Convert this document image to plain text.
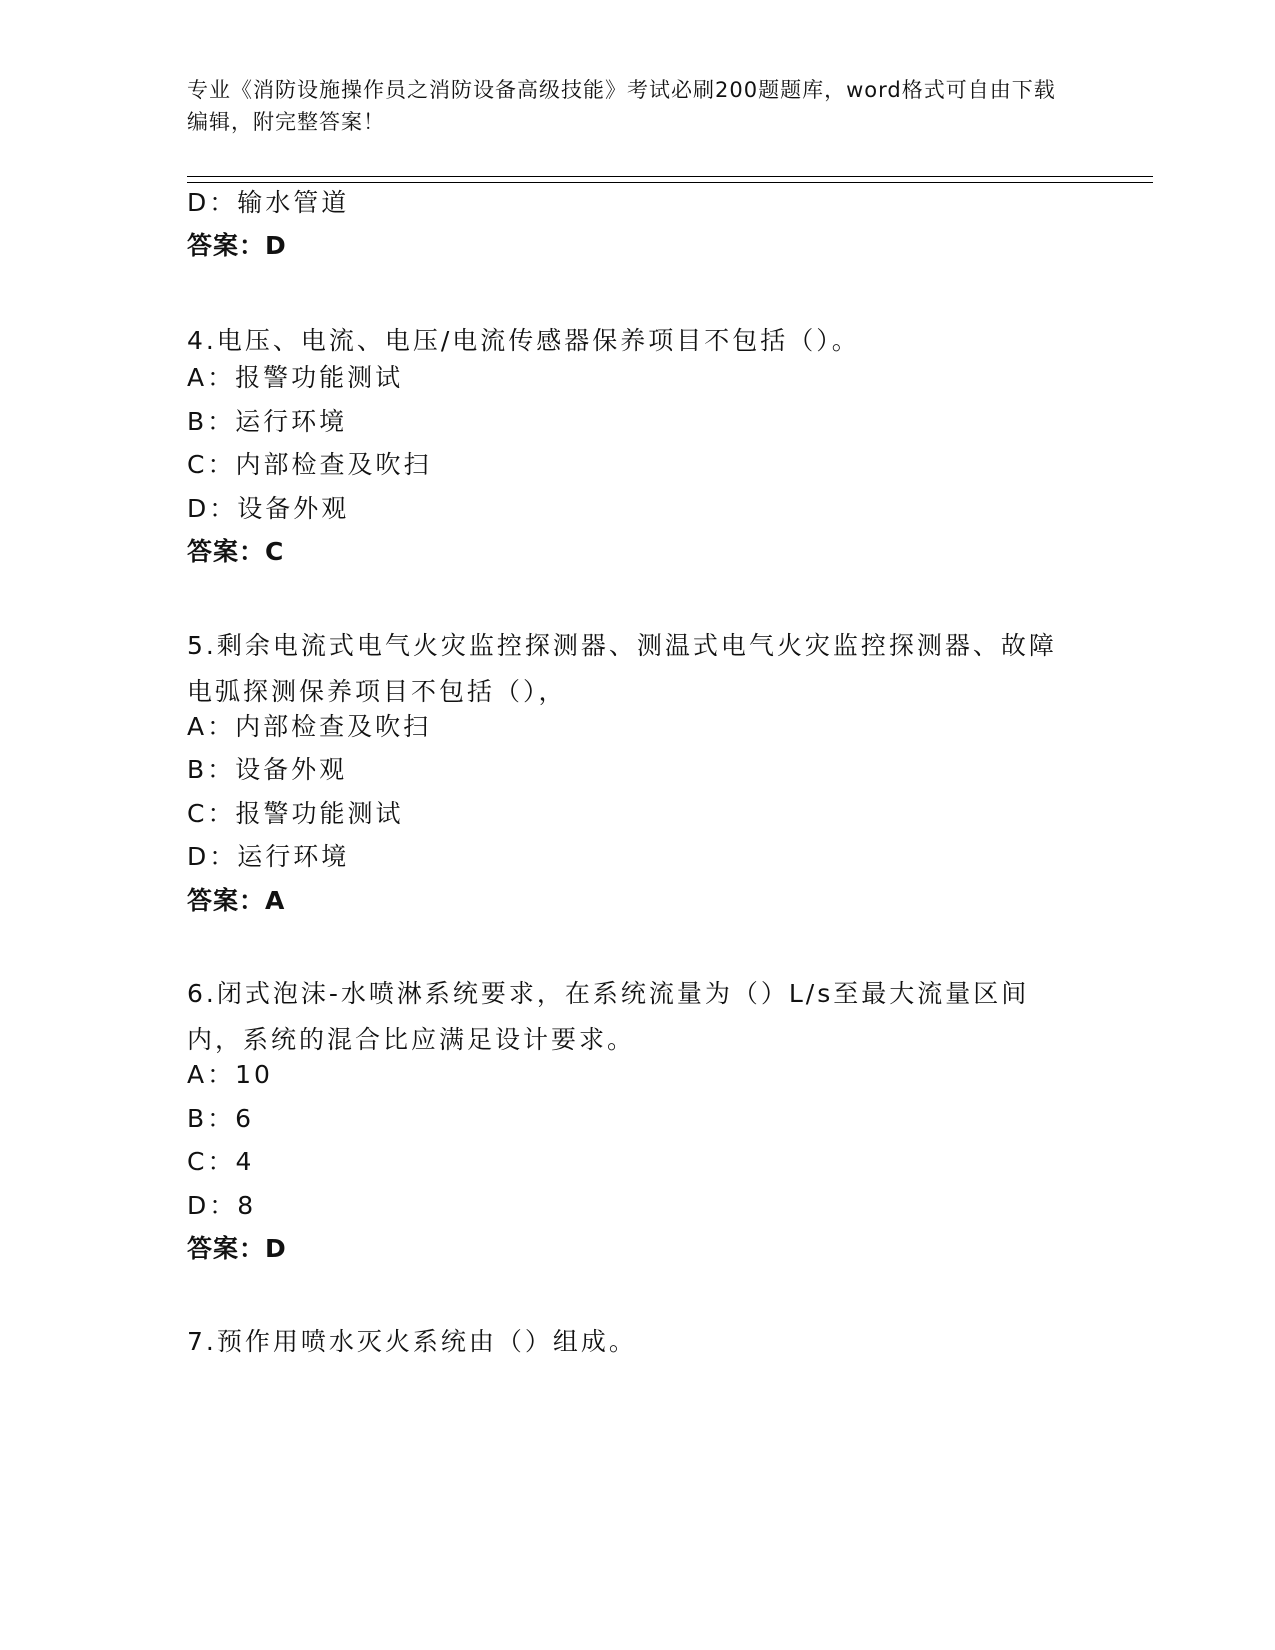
专业《消防设施操作员之消防设备高级技能》考试必刷200题题库，word格式可自由下载编辑，附完整答案！
D：输水管道
答案：D
4.电压、电流、电压/电流传感器保养项目不包括（）。
A：报警功能测试
B：运行环境
C：内部检查及吹扫
D：设备外观
答案：C
5.剩余电流式电气火灾监控探测器、测温式电气火灾监控探测器、故障电弧探测保养项目不包括（），
A：内部检查及吹扫
B：设备外观
C：报警功能测试
D：运行环境
答案：A
6.闭式泡沫-水喷淋系统要求，在系统流量为（）L/s至最大流量区间内，系统的混合比应满足设计要求。
A：10
B：6
C：4
D：8
答案：D
7.预作用喷水灭火系统由（）组成。
